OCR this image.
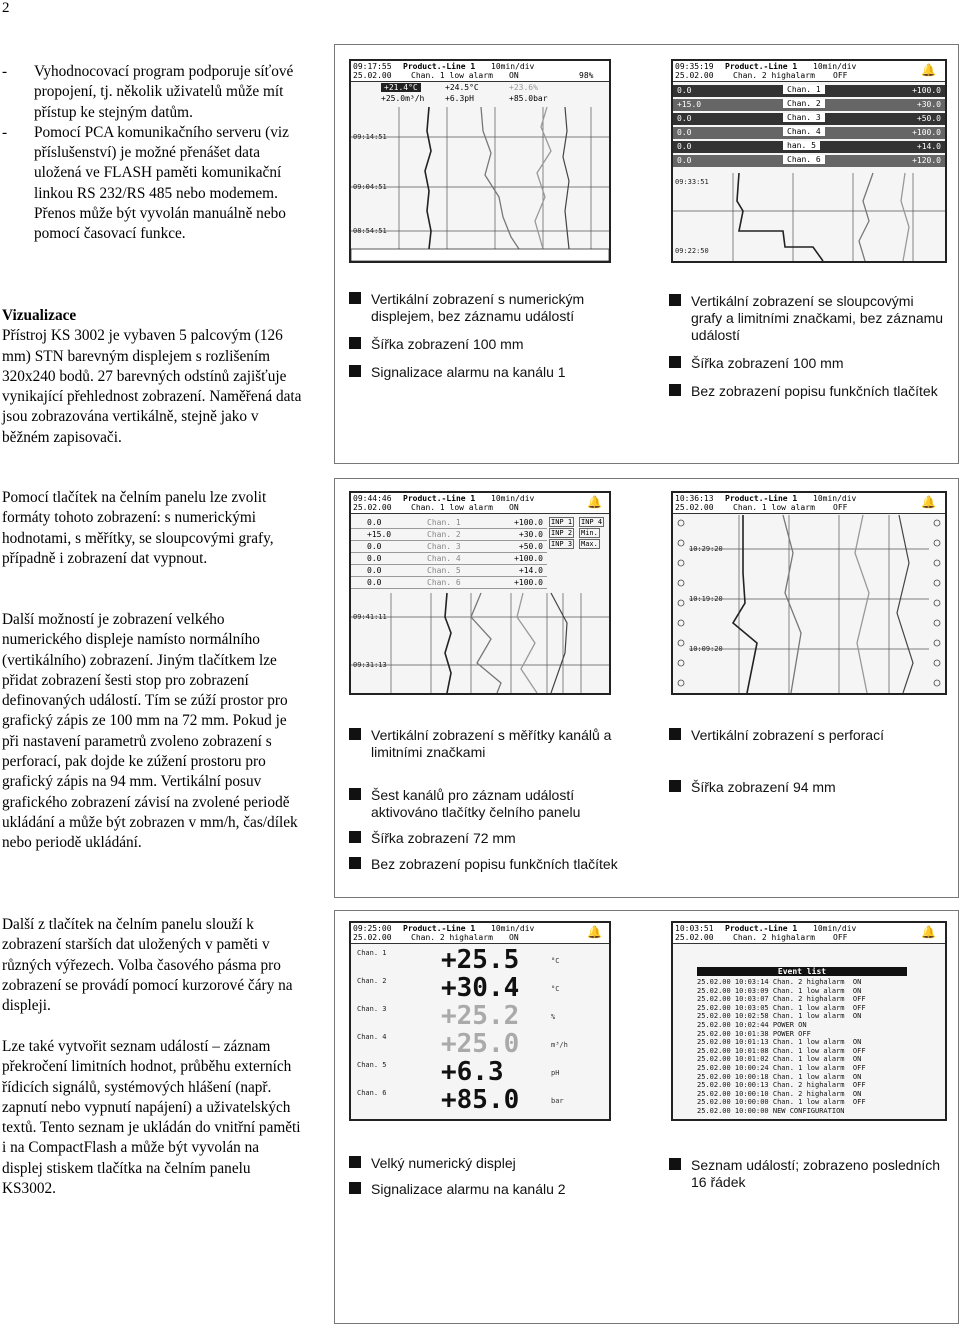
2
-	Vyhodnocovací program podporuje síťové propojení, tj. několik uživatelů může mít přístup ke stejným datům.

-	Pomocí PCA komunikačního serveru (viz příslušenství) je možné přenášet data uložená ve FLASH paměti komunikační linkou RS 232/RS 485 nebo modemem. Přenos může být vyvolán manuálně nebo pomocí časovací funkce.

Vizualizace

Přístroj KS 3002 je vybaven 5 palcovým (126 mm) STN barevným displejem s rozlišením 320x240 bodů. 27 barevných odstínů zajišťuje vynikající přehlednost zobrazení. Naměřená data jsou zobrazována vertikálně, stejně jako v běžném zapisovači.

Pomocí tlačítek na čelním panelu lze zvolit formáty tohoto zobrazení: s numerickými hodnotami, s měřítky, se sloupcovými grafy, případně i zobrazení dat vypnout.

Další možností je zobrazení velkého numerického displeje namísto normálního (vertikálního) zobrazení. Jiným tlačítkem lze přidat zobrazení šesti stop pro zobrazení definovaných událostí. Tím se zúží prostor pro grafický zápis ze 100 mm na 72 mm. Pokud je při nastavení parametrů zvoleno zobrazení s perforací, pak dojde ke zúžení prostoru pro grafický zápis na 94 mm. Vertikální posuv grafického zobrazení závisí na zvolené periodě ukládání a může být zobrazen v mm/h, čas/dílek nebo periodě ukládání.

Další z tlačítek na čelním panelu slouží k zobrazení starších dat uložených v paměti v různých výřezech. Volba časového pásma pro zobrazení se provádí pomocí kurzorové čáry na displeji.

Lze také vytvořit seznam událostí – záznam překročení limitních hodnot, průběhu externích řídicích signálů, systémových hlášení (např. zapnutí nebo vypnutí napájení) a uživatelských textů. Tento seznam je ukládán do vnitřní paměti i na CompactFlash a může být vyvolán na displej stiskem tlačítka na čelním panelu KS3002.

09:17:55
25.02.00
Product.-Line 1 10min/div
Chan. 1 low alarm ON	98%
+21.4°C	+24.5°C	+23.6%
+25.0m³/h	+6.3pH	+85.0bar
09:14:51
09:04:51
08:54:51
09:35:19
25.02.00
Product.-Line 1 10min/div
Chan. 2 highalarm OFF	🔔
0.0	Chan. 1	+100.0
+15.0	Chan. 2	+30.0
0.0	Chan. 3	+50.0
0.0	Chan. 4	+100.0
0.0	han. 5	+14.0
0.0	Chan. 6	+120.0
09:33:51
09:22:50
Vertikální zobrazení s numerickým displejem, bez záznamu událostí
Šířka zobrazení 100 mm
Signalizace alarmu na kanálu 1
Vertikální zobrazení se sloupcovými grafy a limitními značkami, bez záznamu událostí
Šířka zobrazení 100 mm
Bez zobrazení popisu funkčních tlačítek
09:44:46
25.02.00
Product.-Line 1 10min/div
Chan. 1 low alarm ON	🔔
0.0	Chan. 1	+100.0
+15.0	Chan. 2	+30.0
0.0	Chan. 3	+50.0
0.0	Chan. 4	+100.0
0.0	Chan. 5	+14.0
0.0	Chan. 6	+100.0
INP 1 INP 4
INP 2 Min.
INP 3 Max.
09:41:11
09:31:13
10:36:13
25.02.00
Product.-Line 1 10min/div
Chan. 1 low alarm OFF	🔔
10:29:20
10:19:20
10:09:20
Vertikální zobrazení s měřítky kanálů a limitními značkami
Šest kanálů pro záznam událostí aktivováno tlačítky čelního panelu
Šířka zobrazení 72 mm
Bez zobrazení popisu funkčních tlačítek
Vertikální zobrazení s perforací
Šířka zobrazení 94 mm
09:25:00
25.02.00
Product.-Line 1 10min/div
Chan. 2 highalarm ON	🔔
Chan. 1 +25.5	°C
Chan. 2 +30.4	°C
Chan. 3 +25.2	%
Chan. 4 +25.0	m³/h
Chan. 5 +6.3	pH
Chan. 6 +85.0	bar
10:03:51
25.02.00
Product.-Line 1 10min/div
Chan. 2 highalarm OFF	🔔
Event list
25.02.00 10:03:14 Chan. 2 highalarm  ON
25.02.00 10:03:09 Chan. 1 low alarm  ON
25.02.00 10:03:07 Chan. 2 highalarm  OFF
25.02.00 10:03:05 Chan. 1 low alarm  OFF
25.02.00 10:02:58 Chan. 1 low alarm  ON
25.02.00 10:02:44 POWER ON
25.02.00 10:01:38 POWER OFF
25.02.00 10:01:13 Chan. 1 low alarm  ON
25.02.00 10:01:08 Chan. 1 low alarm  OFF
25.02.00 10:01:02 Chan. 1 low alarm  ON
25.02.00 10:00:24 Chan. 1 low alarm  OFF
25.02.00 10:00:18 Chan. 1 low alarm  ON
25.02.00 10:00:13 Chan. 2 highalarm  OFF
25.02.00 10:00:10 Chan. 2 highalarm  ON
25.02.00 10:00:00 Chan. 1 low alarm  OFF
25.02.00 10:00:00 NEW CONFIGURATION
Velký numerický displej
Signalizace alarmu na kanálu 2
Seznam událostí; zobrazeno posledních 16 řádek
